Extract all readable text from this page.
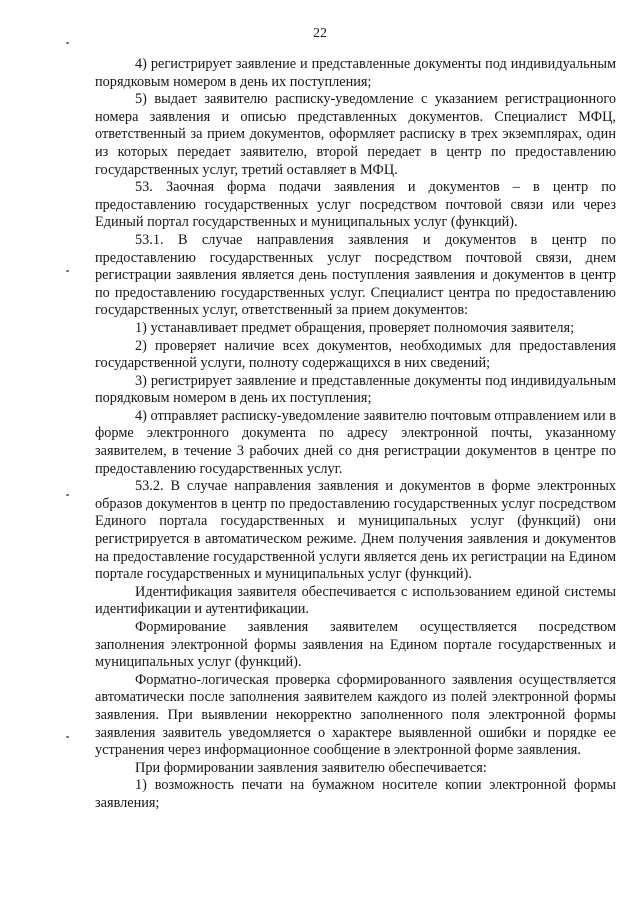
22

4) регистрирует заявление и представленные документы под индивидуальным порядковым номером в день их поступления;

5) выдает заявителю расписку-уведомление с указанием регистрационного номера заявления и описью представленных документов. Специалист МФЦ, ответственный за прием документов, оформляет расписку в трех экземплярах, один из которых передает заявителю, второй передает в центр по предоставлению государственных услуг, третий оставляет в МФЦ.

53. Заочная форма подачи заявления и документов – в центр по предоставлению государственных услуг посредством почтовой связи или через Единый портал государственных и муниципальных услуг (функций).

53.1. В случае направления заявления и документов в центр по предоставлению государственных услуг посредством почтовой связи, днем регистрации заявления является день поступления заявления и документов в центр по предоставлению государственных услуг. Специалист центра по предоставлению государственных услуг, ответственный за прием документов:

1) устанавливает предмет обращения, проверяет полномочия заявителя;

2) проверяет наличие всех документов, необходимых для предоставления государственной услуги, полноту содержащихся в них сведений;

3) регистрирует заявление и представленные документы под индивидуальным порядковым номером в день их поступления;

4) отправляет расписку-уведомление заявителю почтовым отправлением или в форме электронного документа по адресу электронной почты, указанному заявителем, в течение 3 рабочих дней со дня регистрации документов в центре по предоставлению государственных услуг.

53.2. В случае направления заявления и документов в форме электронных образов документов в центр по предоставлению государственных услуг посредством Единого портала государственных и муниципальных услуг (функций) они регистрируется в автоматическом режиме. Днем получения заявления и документов на предоставление государственной услуги является день их регистрации на Едином портале государственных и муниципальных услуг (функций).

Идентификация заявителя обеспечивается с использованием единой системы идентификации и аутентификации.

Формирование заявления заявителем осуществляется посредством заполнения электронной формы заявления на Едином портале государственных и муниципальных услуг (функций).

Форматно-логическая проверка сформированного заявления осуществляется автоматически после заполнения заявителем каждого из полей электронной формы заявления. При выявлении некорректно заполненного поля электронной формы заявления заявитель уведомляется о характере выявленной ошибки и порядке ее устранения через информационное сообщение в электронной форме заявления.

При формировании заявления заявителю обеспечивается:

1) возможность печати на бумажном носителе копии электронной формы заявления;
